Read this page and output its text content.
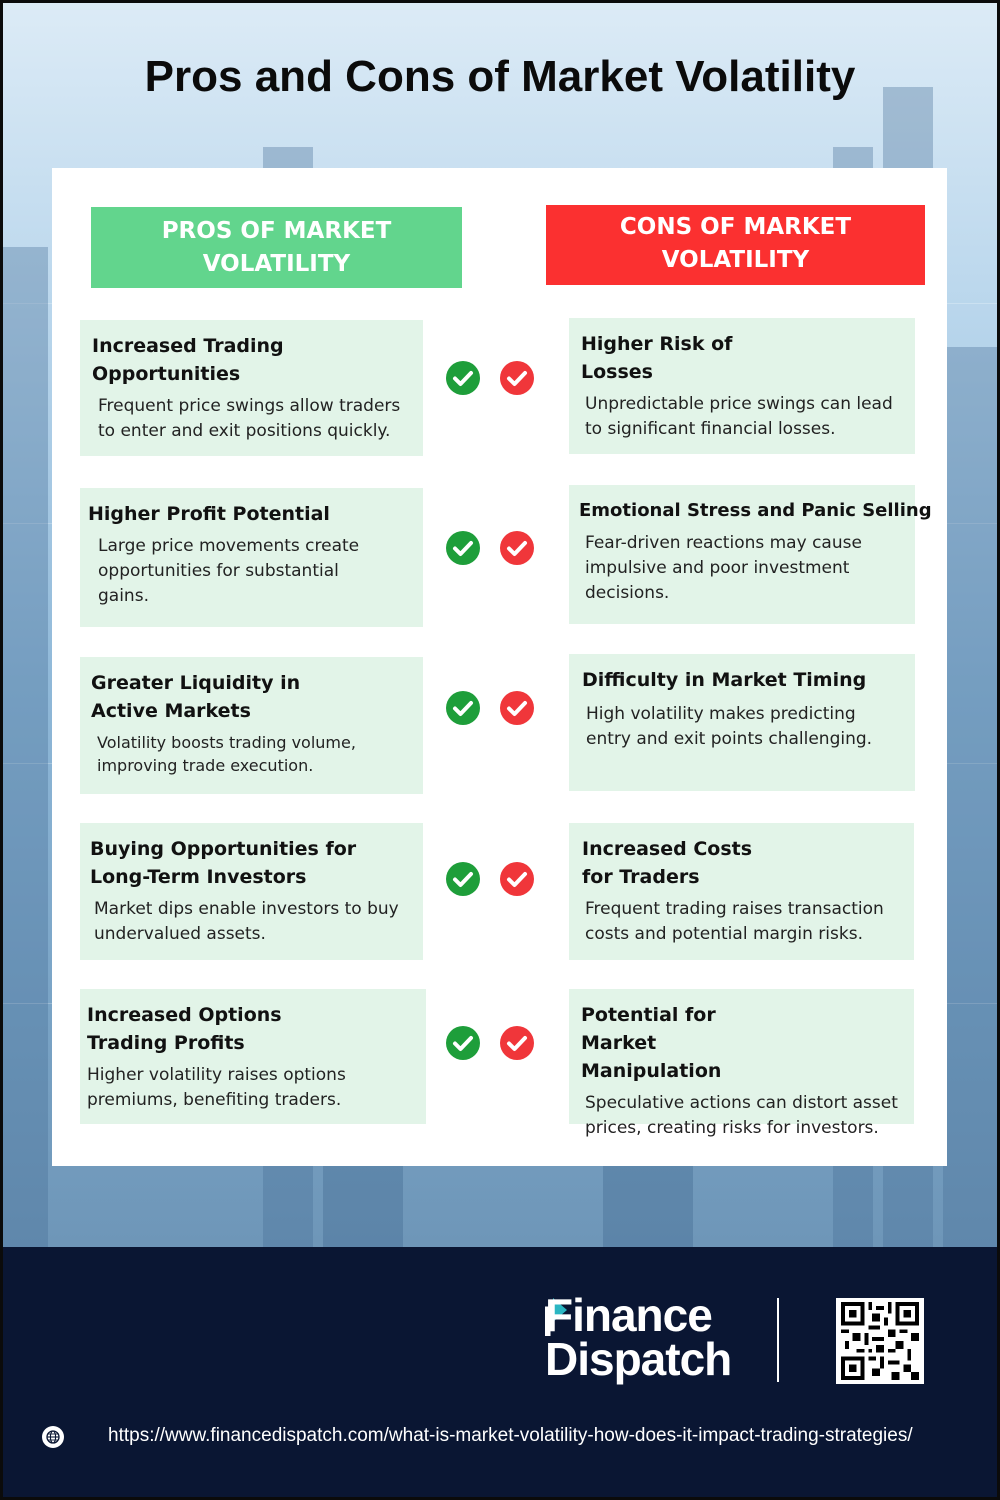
Pros and Cons of Market Volatility
PROS OF MARKET VOLATILITY
CONS OF MARKET VOLATILITY
Increased Trading Opportunities

Frequent price swings allow traders to enter and exit positions quickly.

Higher Profit Potential

Large price movements create opportunities for substantial gains.

Greater Liquidity in Active Markets

Volatility boosts trading volume, improving trade execution.

Buying Opportunities for Long-Term Investors

Market dips enable investors to buy undervalued assets.

Increased Options Trading Profits

Higher volatility raises options premiums, benefiting traders.

Higher Risk of Losses

Unpredictable price swings can lead to significant financial losses.

Emotional Stress and Panic Selling

Fear-driven reactions may cause impulsive and poor investment decisions.

Difficulty in Market Timing

High volatility makes predicting entry and exit points challenging.

Increased Costs for Traders

Frequent trading raises transaction costs and potential margin risks.

Potential for Market Manipulation

Speculative actions can distort asset prices, creating risks for investors.

Finance
Dispatch
https://www.financedispatch.com/what-is-market-volatility-how-does-it-impact-trading-strategies/
